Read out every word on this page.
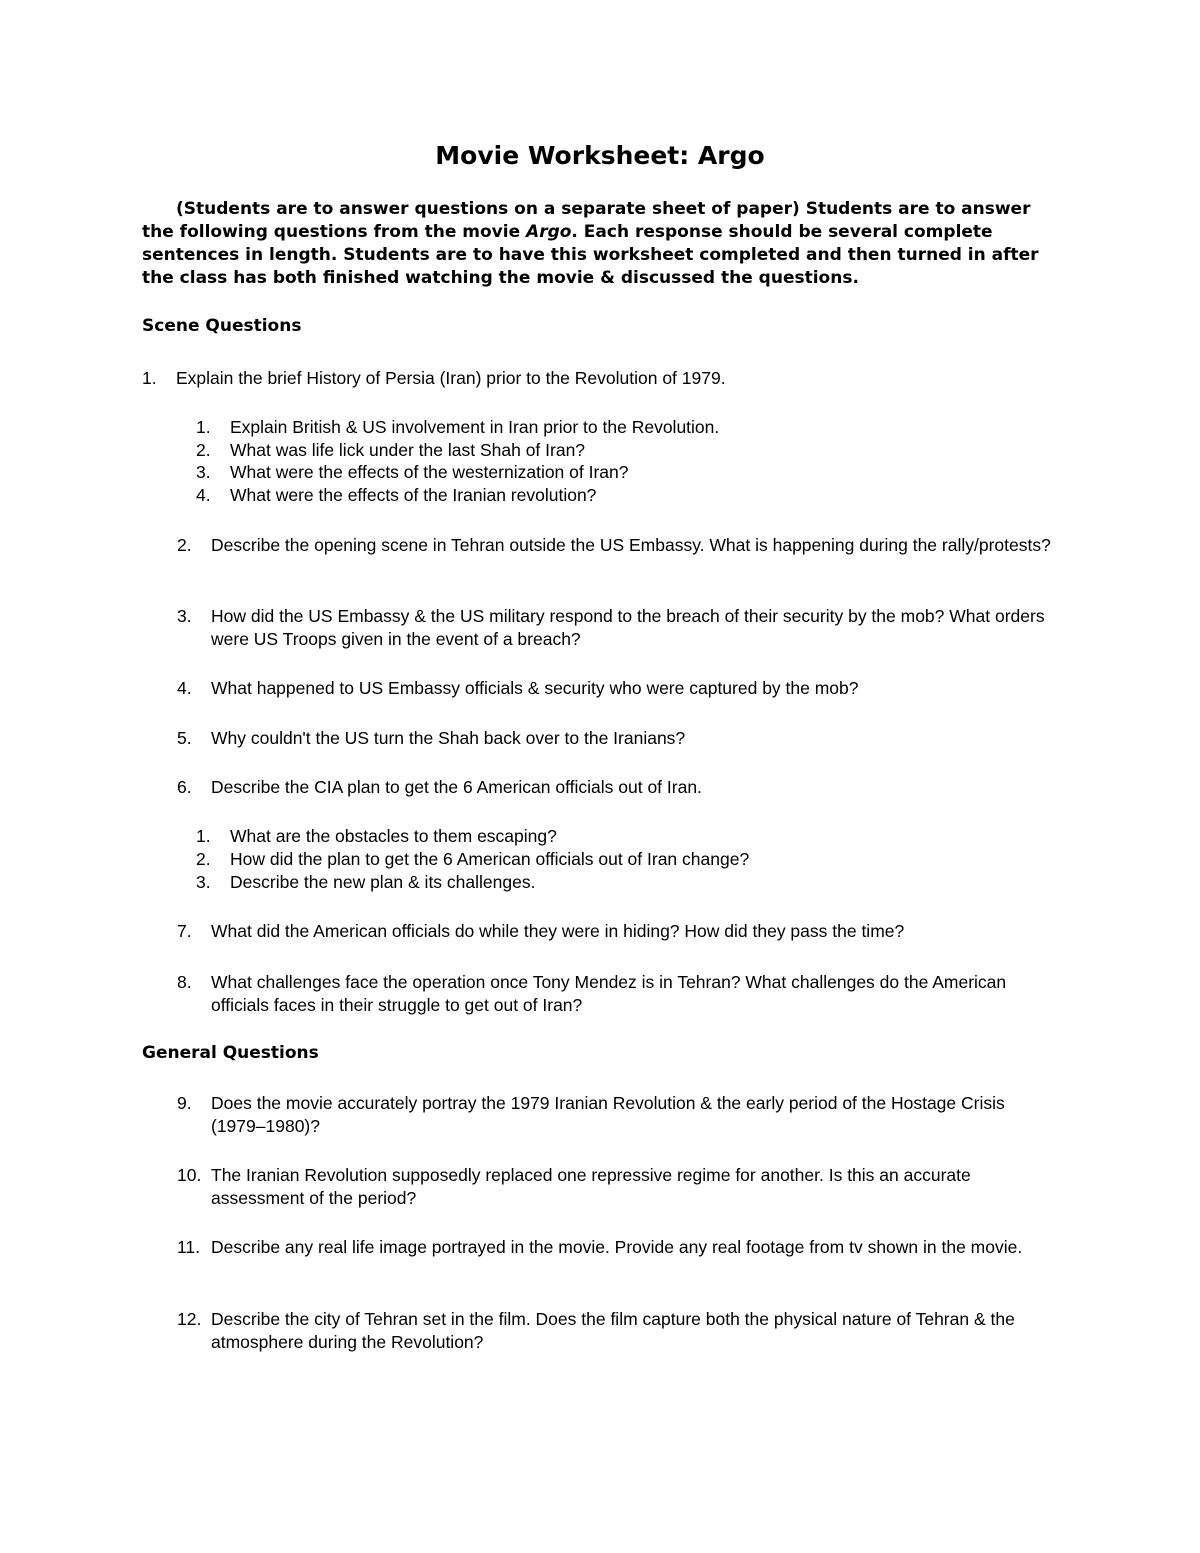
Movie Worksheet: Argo
(Students are to answer questions on a separate sheet of paper) Students are to answer the following questions from the movie Argo. Each response should be several complete sentences in length. Students are to have this worksheet completed and then turned in after the class has both finished watching the movie & discussed the questions.
Scene Questions
1. Explain the brief History of Persia (Iran) prior to the Revolution of 1979.
1. Explain British & US involvement in Iran prior to the Revolution.
2. What was life lick under the last Shah of Iran?
3. What were the effects of the westernization of Iran?
4. What were the effects of the Iranian revolution?
2. Describe the opening scene in Tehran outside the US Embassy. What is happening during the rally/protests?
3. How did the US Embassy & the US military respond to the breach of their security by the mob? What orders were US Troops given in the event of a breach?
4. What happened to US Embassy officials & security who were captured by the mob?
5. Why couldn't the US turn the Shah back over to the Iranians?
6. Describe the CIA plan to get the 6 American officials out of Iran.
1. What are the obstacles to them escaping?
2. How did the plan to get the 6 American officials out of Iran change?
3. Describe the new plan & its challenges.
7. What did the American officials do while they were in hiding? How did they pass the time?
8. What challenges face the operation once Tony Mendez is in Tehran? What challenges do the American officials faces in their struggle to get out of Iran?
General Questions
9. Does the movie accurately portray the 1979 Iranian Revolution & the early period of the Hostage Crisis (1979–1980)?
10. The Iranian Revolution supposedly replaced one repressive regime for another. Is this an accurate assessment of the period?
11. Describe any real life image portrayed in the movie. Provide any real footage from tv shown in the movie.
12. Describe the city of Tehran set in the film. Does the film capture both the physical nature of Tehran & the atmosphere during the Revolution?
